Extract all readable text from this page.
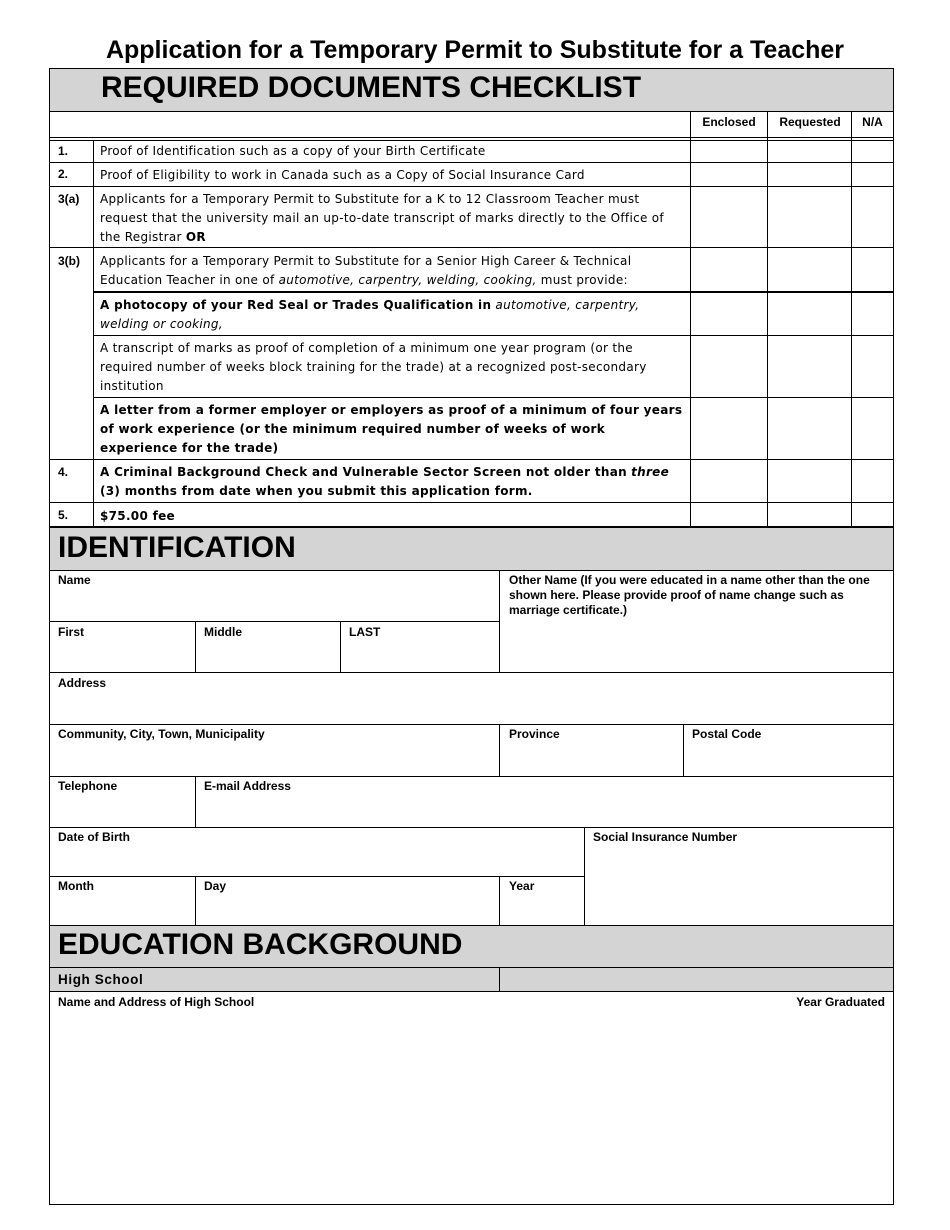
Application for a Temporary Permit to Substitute for a Teacher
REQUIRED DOCUMENTS CHECKLIST
Enclosed	Requested	N/A
1.	Proof of Identification such as a copy of your Birth Certificate
2.	Proof of Eligibility to work in Canada such as a Copy of Social Insurance Card
3(a) Applicants for a Temporary Permit to Substitute for a K to 12 Classroom Teacher must request that the university mail an up-to-date transcript of marks directly to the Office of the Registrar OR
3(b) Applicants for a Temporary Permit to Substitute for a Senior High Career & Technical Education Teacher in one of automotive, carpentry, welding, cooking, must provide:
A photocopy of your Red Seal or Trades Qualification in automotive, carpentry, welding or cooking,
A transcript of marks as proof of completion of a minimum one year program (or the required number of weeks block training for the trade) at a recognized post-secondary institution
A letter from a former employer or employers as proof of a minimum of four years of work experience (or the minimum required number of weeks of work experience for the trade)
4.	A Criminal Background Check and Vulnerable Sector Screen not older than three (3) months from date when you submit this application form.
5.	$75.00 fee
IDENTIFICATION
Name	Other Name (If you were educated in a name other than the one shown here. Please provide proof of name change such as marriage certificate.)
First	Middle	LAST
Address
Community, City, Town, Municipality	Province	Postal Code
Telephone	E-mail Address
Date of Birth	Social Insurance Number
Month	Day	Year
EDUCATION BACKGROUND
High School
Name and Address of High School	Year Graduated
